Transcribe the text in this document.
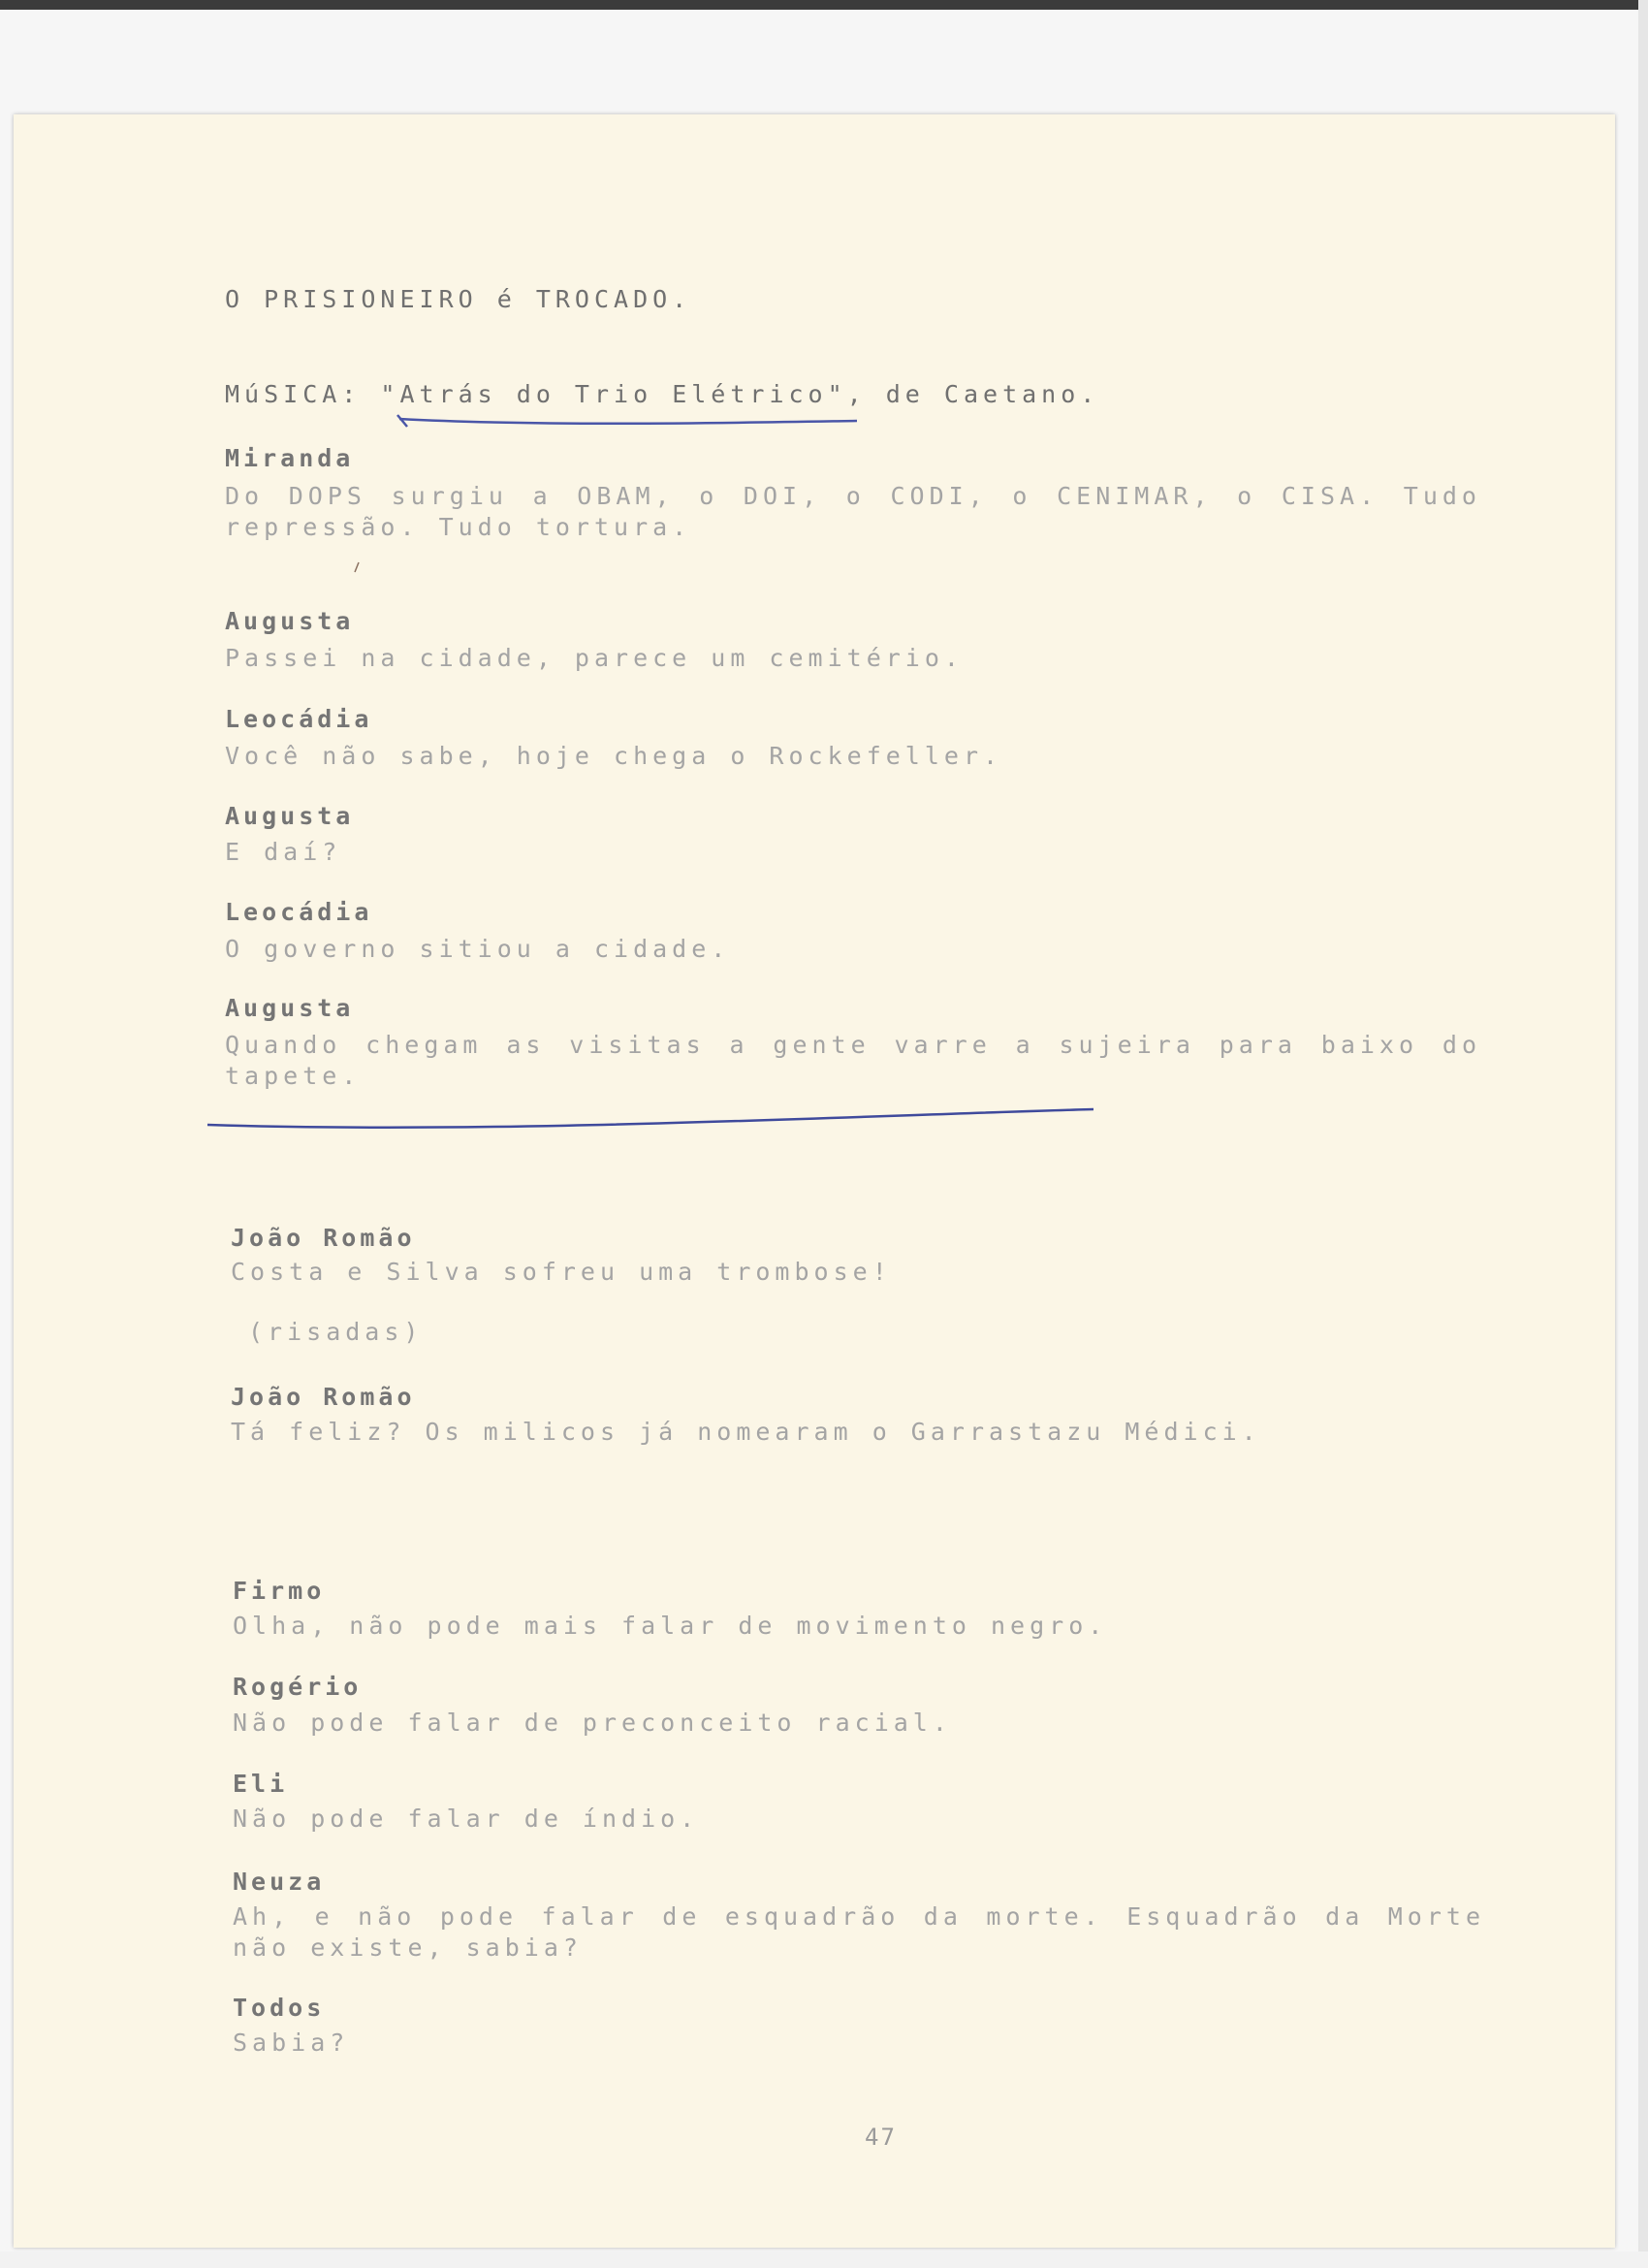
O PRISIONEIRO é TROCADO.
MúSICA: "Atrás do Trio Elétrico", de Caetano.
Miranda
Do DOPS surgiu a OBAM, o DOI, o CODI, o CENIMAR, o CISA. Tudo
repressão. Tudo tortura.
Augusta
Passei na cidade, parece um cemitério.
Leocádia
Você não sabe, hoje chega o Rockefeller.
Augusta
E daí?
Leocádia
O governo sitiou a cidade.
Augusta
Quando chegam as visitas a gente varre a sujeira para baixo do
tapete.
João Romão
Costa e Silva sofreu uma trombose!
(risadas)
João Romão
Tá feliz? Os milicos já nomearam o Garrastazu Médici.
Firmo
Olha, não pode mais falar de movimento negro.
Rogério
Não pode falar de preconceito racial.
Eli
Não pode falar de índio.
Neuza
Ah, e não pode falar de esquadrão da morte. Esquadrão da Morte
não existe, sabia?
Todos
Sabia?
47
